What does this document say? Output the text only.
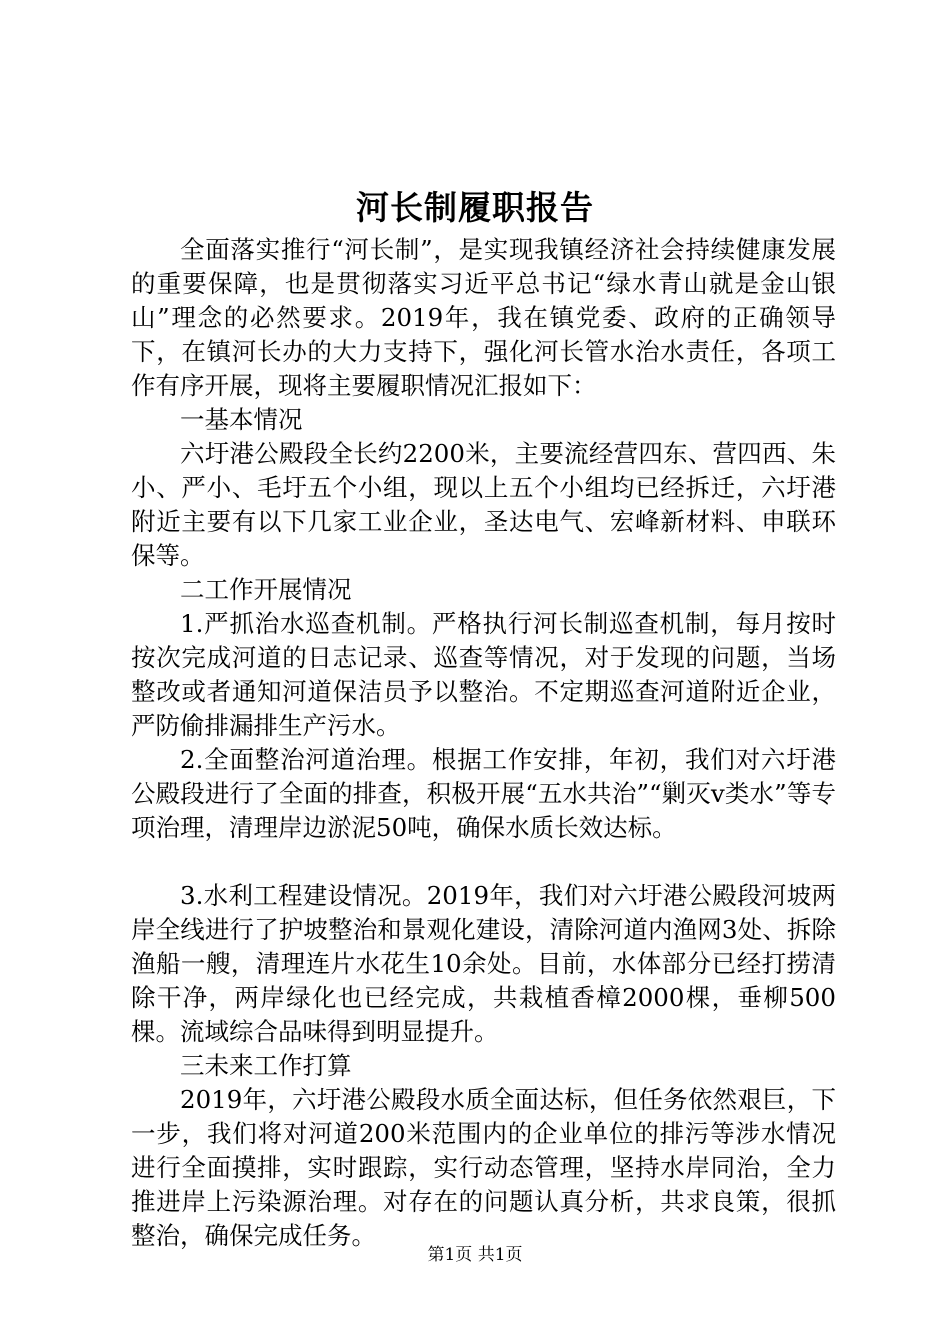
河长制履职报告

全面落实推行“河长制”，是实现我镇经济社会持续健康发展的重要保障，也是贯彻落实习近平总书记“绿水青山就是金山银山”理念的必然要求。2019年，我在镇党委、政府的正确领导下，在镇河长办的大力支持下，强化河长管水治水责任，各项工作有序开展，现将主要履职情况汇报如下：

一基本情况

六圩港公殿段全长约2200米，主要流经营四东、营四西、朱小、严小、毛圩五个小组，现以上五个小组均已经拆迁，六圩港附近主要有以下几家工业企业，圣达电气、宏峰新材料、申联环保等。

二工作开展情况

1.严抓治水巡查机制。严格执行河长制巡查机制，每月按时按次完成河道的日志记录、巡查等情况，对于发现的问题，当场整改或者通知河道保洁员予以整治。不定期巡查河道附近企业，严防偷排漏排生产污水。

2.全面整治河道治理。根据工作安排，年初，我们对六圩港公殿段进行了全面的排查，积极开展“五水共治”“剿灭v类水”等专项治理，清理岸边淤泥50吨，确保水质长效达标。

3.水利工程建设情况。2019年，我们对六圩港公殿段河坡两岸全线进行了护坡整治和景观化建设，清除河道内渔网3处、拆除渔船一艘，清理连片水花生10余处。目前，水体部分已经打捞清除干净，两岸绿化也已经完成，共栽植香樟2000棵，垂柳500棵。流域综合品味得到明显提升。

三未来工作打算

2019年，六圩港公殿段水质全面达标，但任务依然艰巨，下一步，我们将对河道200米范围内的企业单位的排污等涉水情况进行全面摸排，实时跟踪，实行动态管理，坚持水岸同治，全力推进岸上污染源治理。对存在的问题认真分析，共求良策，很抓整治，确保完成任务。

第1页 共1页
